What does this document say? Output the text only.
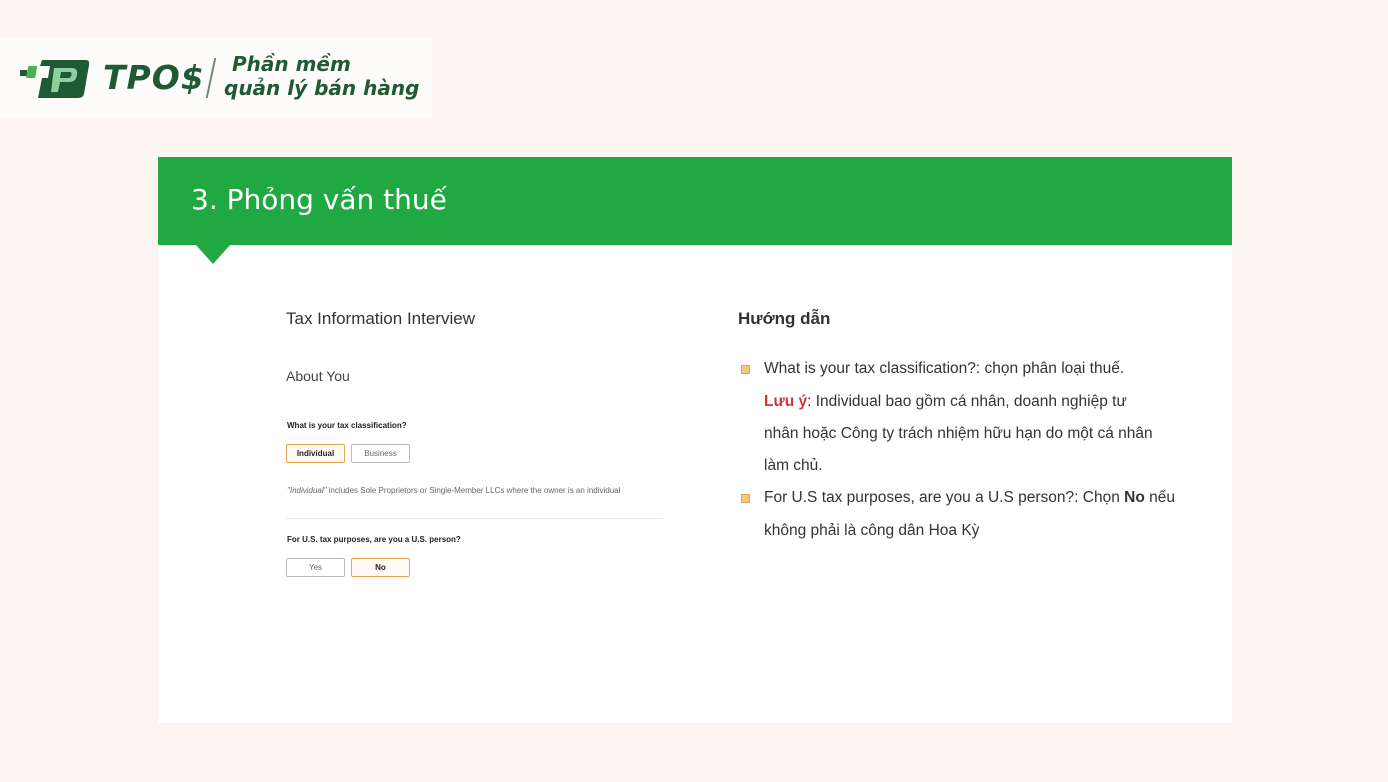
TPO$	Phần mềm
quản lý bán hàng
3. Phỏng vấn thuế
Tax Information Interview
About You
What is your tax classification?
Individual	Business
"Individual" includes Sole Proprietors or Single-Member LLCs where the owner is an individual
For U.S. tax purposes, are you a U.S. person?
Yes	No
Hướng dẫn
What is your tax classification?: chọn phân loại thuế.
Lưu ý: Individual bao gồm cá nhân, doanh nghiệp tư
nhân hoặc Công ty trách nhiệm hữu hạn do một cá nhân
làm chủ.
For U.S tax purposes, are you a U.S person?: Chọn No nếu
không phải là công dân Hoa Kỳ
